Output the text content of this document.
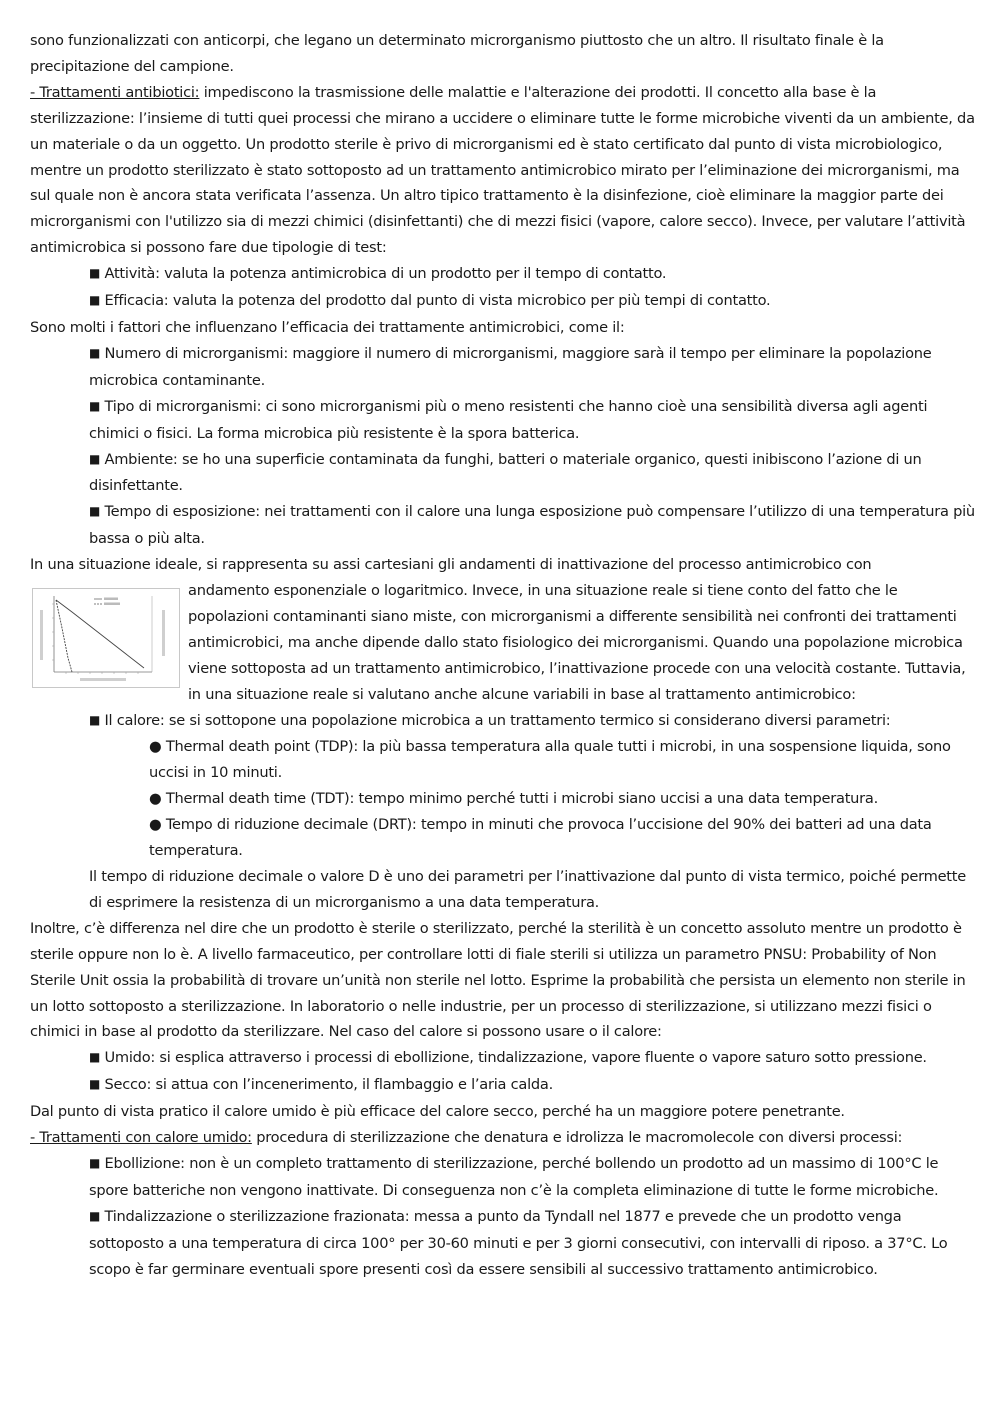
sono funzionalizzati con anticorpi, che legano un determinato microrganismo piuttosto che un altro. Il risultato finale è la precipitazione del campione.

- Trattamenti antibiotici: impediscono la trasmissione delle malattie e l'alterazione dei prodotti. Il concetto alla base è la sterilizzazione: l’insieme di tutti quei processi che mirano a uccidere o eliminare tutte le forme microbiche viventi da un ambiente, da un materiale o da un oggetto. Un prodotto sterile è privo di microrganismi ed è stato certificato dal punto di vista microbiologico, mentre un prodotto sterilizzato è stato sottoposto ad un trattamento antimicrobico mirato per l’eliminazione dei microrganismi, ma sul quale non è ancora stata verificata l’assenza. Un altro tipico trattamento è la disinfezione, cioè eliminare la maggior parte dei microrganismi con l'utilizzo sia di mezzi chimici (disinfettanti) che di mezzi fisici (vapore, calore secco). Invece, per valutare l’attività antimicrobica si possono fare due tipologie di test:

■ Attività: valuta la potenza antimicrobica di un prodotto per il tempo di contatto.

■ Efficacia: valuta la potenza del prodotto dal punto di vista microbico per più tempi di contatto.

Sono molti i fattori che influenzano l’efficacia dei trattamente antimicrobici, come il:

■ Numero di microrganismi: maggiore il numero di microrganismi, maggiore sarà il tempo per eliminare la popolazione microbica contaminante.

■ Tipo di microrganismi: ci sono microrganismi più o meno resistenti che hanno cioè una sensibilità diversa agli agenti chimici o fisici. La forma microbica più resistente è la spora batterica.

■ Ambiente: se ho una superficie contaminata da funghi, batteri o materiale organico, questi inibiscono l’azione di un disinfettante.

■ Tempo di esposizione: nei trattamenti con il calore una lunga esposizione può compensare l’utilizzo di una temperatura più bassa o più alta.

In una situazione ideale, si rappresenta su assi cartesiani gli andamenti di inattivazione del processo antimicrobico con

andamento esponenziale o logaritmico. Invece, in una situazione reale si tiene conto del fatto che le popolazioni contaminanti siano miste, con microrganismi a differente sensibilità nei confronti dei trattamenti antimicrobici, ma anche dipende dallo stato fisiologico dei microrganismi. Quando una popolazione microbica viene sottoposta ad un trattamento antimicrobico, l’inattivazione procede con una velocità costante. Tuttavia, in una situazione reale si valutano anche alcune variabili in base al trattamento antimicrobico:

■ Il calore: se si sottopone una popolazione microbica a un trattamento termico si considerano diversi parametri:

● Thermal death point (TDP): la più bassa temperatura alla quale tutti i microbi, in una sospensione liquida, sono uccisi in 10 minuti.

● Thermal death time (TDT): tempo minimo perché tutti i microbi siano uccisi a una data temperatura.

● Tempo di riduzione decimale (DRT): tempo in minuti che provoca l’uccisione del 90% dei batteri ad una data temperatura.

Il tempo di riduzione decimale o valore D è uno dei parametri per l’inattivazione dal punto di vista termico, poiché permette di esprimere la resistenza di un microrganismo a una data temperatura.

Inoltre, c’è differenza nel dire che un prodotto è sterile o sterilizzato, perché la sterilità è un concetto assoluto mentre un prodotto è sterile oppure non lo è. A livello farmaceutico, per controllare lotti di fiale sterili si utilizza un parametro PNSU: Probability of Non Sterile Unit ossia la probabilità di trovare un’unità non sterile nel lotto. Esprime la probabilità che persista un elemento non sterile in un lotto sottoposto a sterilizzazione. In laboratorio o nelle industrie, per un processo di sterilizzazione, si utilizzano mezzi fisici o chimici in base al prodotto da sterilizzare. Nel caso del calore si possono usare o il calore:

■ Umido: si esplica attraverso i processi di ebollizione, tindalizzazione, vapore fluente o vapore saturo sotto pressione.

■ Secco: si attua con l’incenerimento, il flambaggio e l’aria calda.

Dal punto di vista pratico il calore umido è più efficace del calore secco, perché ha un maggiore potere penetrante.

- Trattamenti con calore umido: procedura di sterilizzazione che denatura e idrolizza le macromolecole con diversi processi:

■ Ebollizione: non è un completo trattamento di sterilizzazione, perché bollendo un prodotto ad un massimo di 100°C le spore batteriche non vengono inattivate. Di conseguenza non c’è la completa eliminazione di tutte le forme microbiche.

■ Tindalizzazione o sterilizzazione frazionata: messa a punto da Tyndall nel 1877 e prevede che un prodotto venga sottoposto a una temperatura di circa 100° per 30-60 minuti e per 3 giorni consecutivi, con intervalli di riposo. a 37°C. Lo scopo è far germinare eventuali spore presenti così da essere sensibili al successivo trattamento antimicrobico.
